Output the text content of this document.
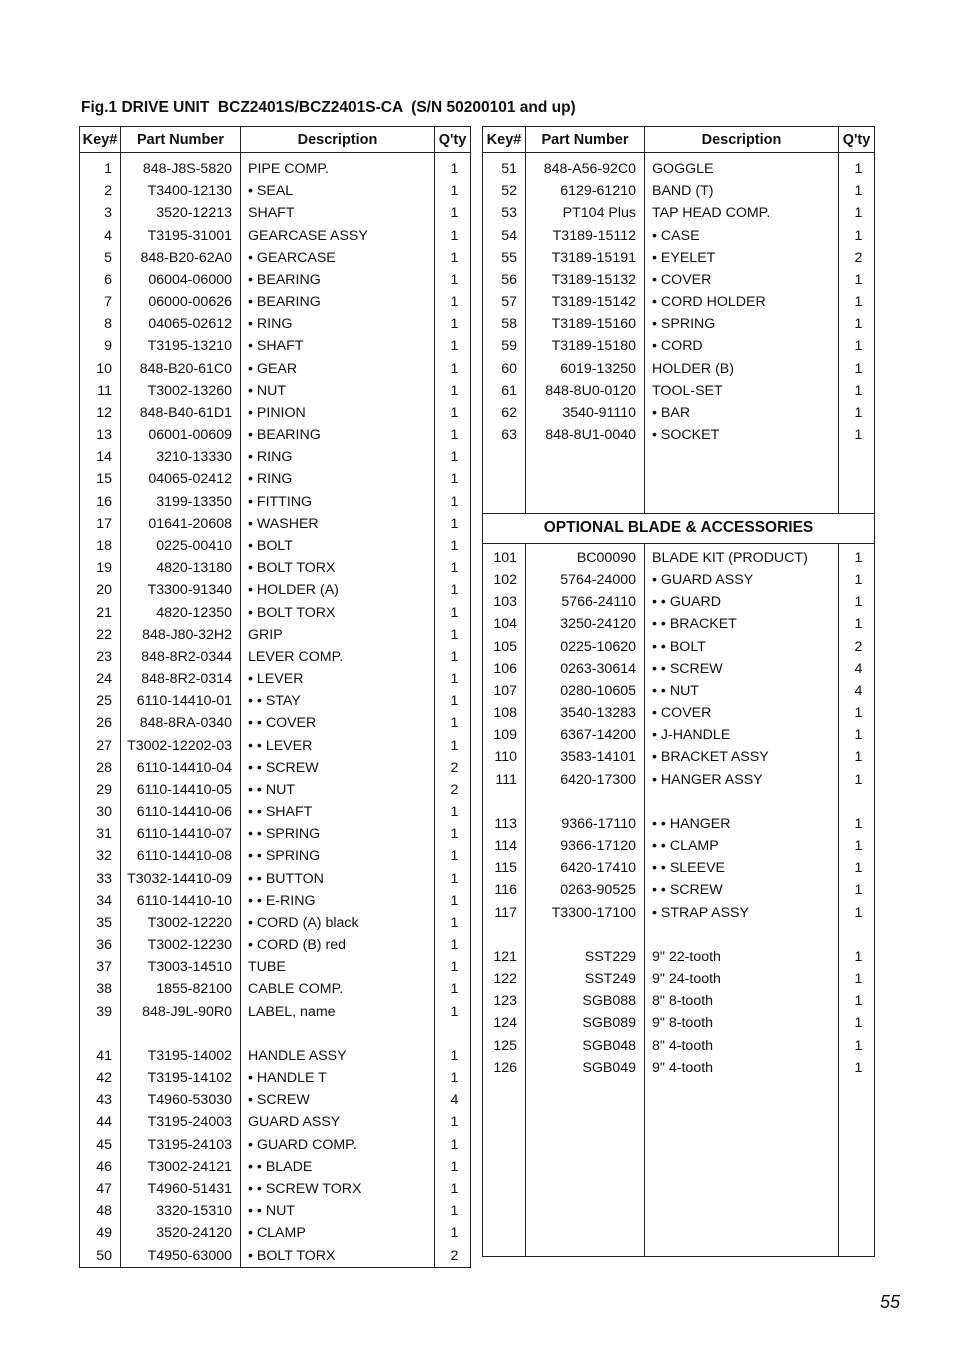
Fig.1 DRIVE UNIT  BCZ2401S/BCZ2401S-CA  (S/N 50200101 and up)
Key#	Part Number	Description	Q'ty

1	848-J8S-5820	PIPE COMP.	1
2	T3400-12130	• SEAL	1
3	3520-12213	SHAFT	1
4	T3195-31001	GEARCASE ASSY	1
5	848-B20-62A0	• GEARCASE	1
6	06004-06000	• BEARING	1
7	06000-00626	• BEARING	1
8	04065-02612	• RING	1
9	T3195-13210	• SHAFT	1
10	848-B20-61C0	• GEAR	1
11	T3002-13260	• NUT	1
12	848-B40-61D1	• PINION	1
13	06001-00609	• BEARING	1
14	3210-13330	• RING	1
15	04065-02412	• RING	1
16	3199-13350	• FITTING	1
17	01641-20608	• WASHER	1
18	0225-00410	• BOLT	1
19	4820-13180	• BOLT TORX	1
20	T3300-91340	• HOLDER (A)	1
21	4820-12350	• BOLT TORX	1
22	848-J80-32H2	GRIP	1
23	848-8R2-0344	LEVER COMP.	1
24	848-8R2-0314	• LEVER	1
25	6110-14410-01	• • STAY	1
26	848-8RA-0340	• • COVER	1
27	T3002-12202-03	• • LEVER	1
28	6110-14410-04	• • SCREW	2
29	6110-14410-05	• • NUT	2
30	6110-14410-06	• • SHAFT	1
31	6110-14410-07	• • SPRING	1
32	6110-14410-08	• • SPRING	1
33	T3032-14410-09	• • BUTTON	1
34	6110-14410-10	• • E-RING	1
35	T3002-12220	• CORD (A) black	1
36	T3002-12230	• CORD (B) red	1
37	T3003-14510	TUBE	1
38	1855-82100	CABLE COMP.	1
39	848-J9L-90R0	LABEL, name	1

41	T3195-14002	HANDLE ASSY	1
42	T3195-14102	• HANDLE T	1
43	T4960-53030	• SCREW	4
44	T3195-24003	GUARD ASSY	1
45	T3195-24103	• GUARD COMP.	1
46	T3002-24121	• • BLADE	1
47	T4960-51431	• • SCREW TORX	1
48	3320-15310	• • NUT	1
49	3520-24120	• CLAMP	1
50	T4950-63000	• BOLT TORX	2
Key#	Part Number	Description	Q'ty

51	848-A56-92C0	GOGGLE	1
52	6129-61210	BAND (T)	1
53	PT104 Plus	TAP HEAD COMP.	1
54	T3189-15112	• CASE	1
55	T3189-15191	• EYELET	2
56	T3189-15132	• COVER	1
57	T3189-15142	• CORD HOLDER	1
58	T3189-15160	• SPRING	1
59	T3189-15180	• CORD	1
60	6019-13250	HOLDER (B)	1
61	848-8U0-0120	TOOL-SET	1
62	3540-91110	• BAR	1
63	848-8U1-0040	• SOCKET	1

OPTIONAL BLADE & ACCESSORIES			

101	BC00090	BLADE KIT (PRODUCT)	1
102	5764-24000	• GUARD ASSY	1
103	5766-24110	• • GUARD	1
104	3250-24120	• • BRACKET	1
105	0225-10620	• • BOLT	2
106	0263-30614	• • SCREW	4
107	0280-10605	• • NUT	4
108	3540-13283	• COVER	1
109	6367-14200	• J-HANDLE	1
110	3583-14101	• BRACKET ASSY	1
111	6420-17300	• HANGER ASSY	1

113	9366-17110	• • HANGER	1
114	9366-17120	• • CLAMP	1
115	6420-17410	• • SLEEVE	1
116	0263-90525	• • SCREW	1
117	T3300-17100	• STRAP ASSY	1

121	SST229	9" 22-tooth	1
122	SST249	9" 24-tooth	1
123	SGB088	8" 8-tooth	1
124	SGB089	9" 8-tooth	1
125	SGB048	8" 4-tooth	1
126	SGB049	9" 4-tooth	1

55
